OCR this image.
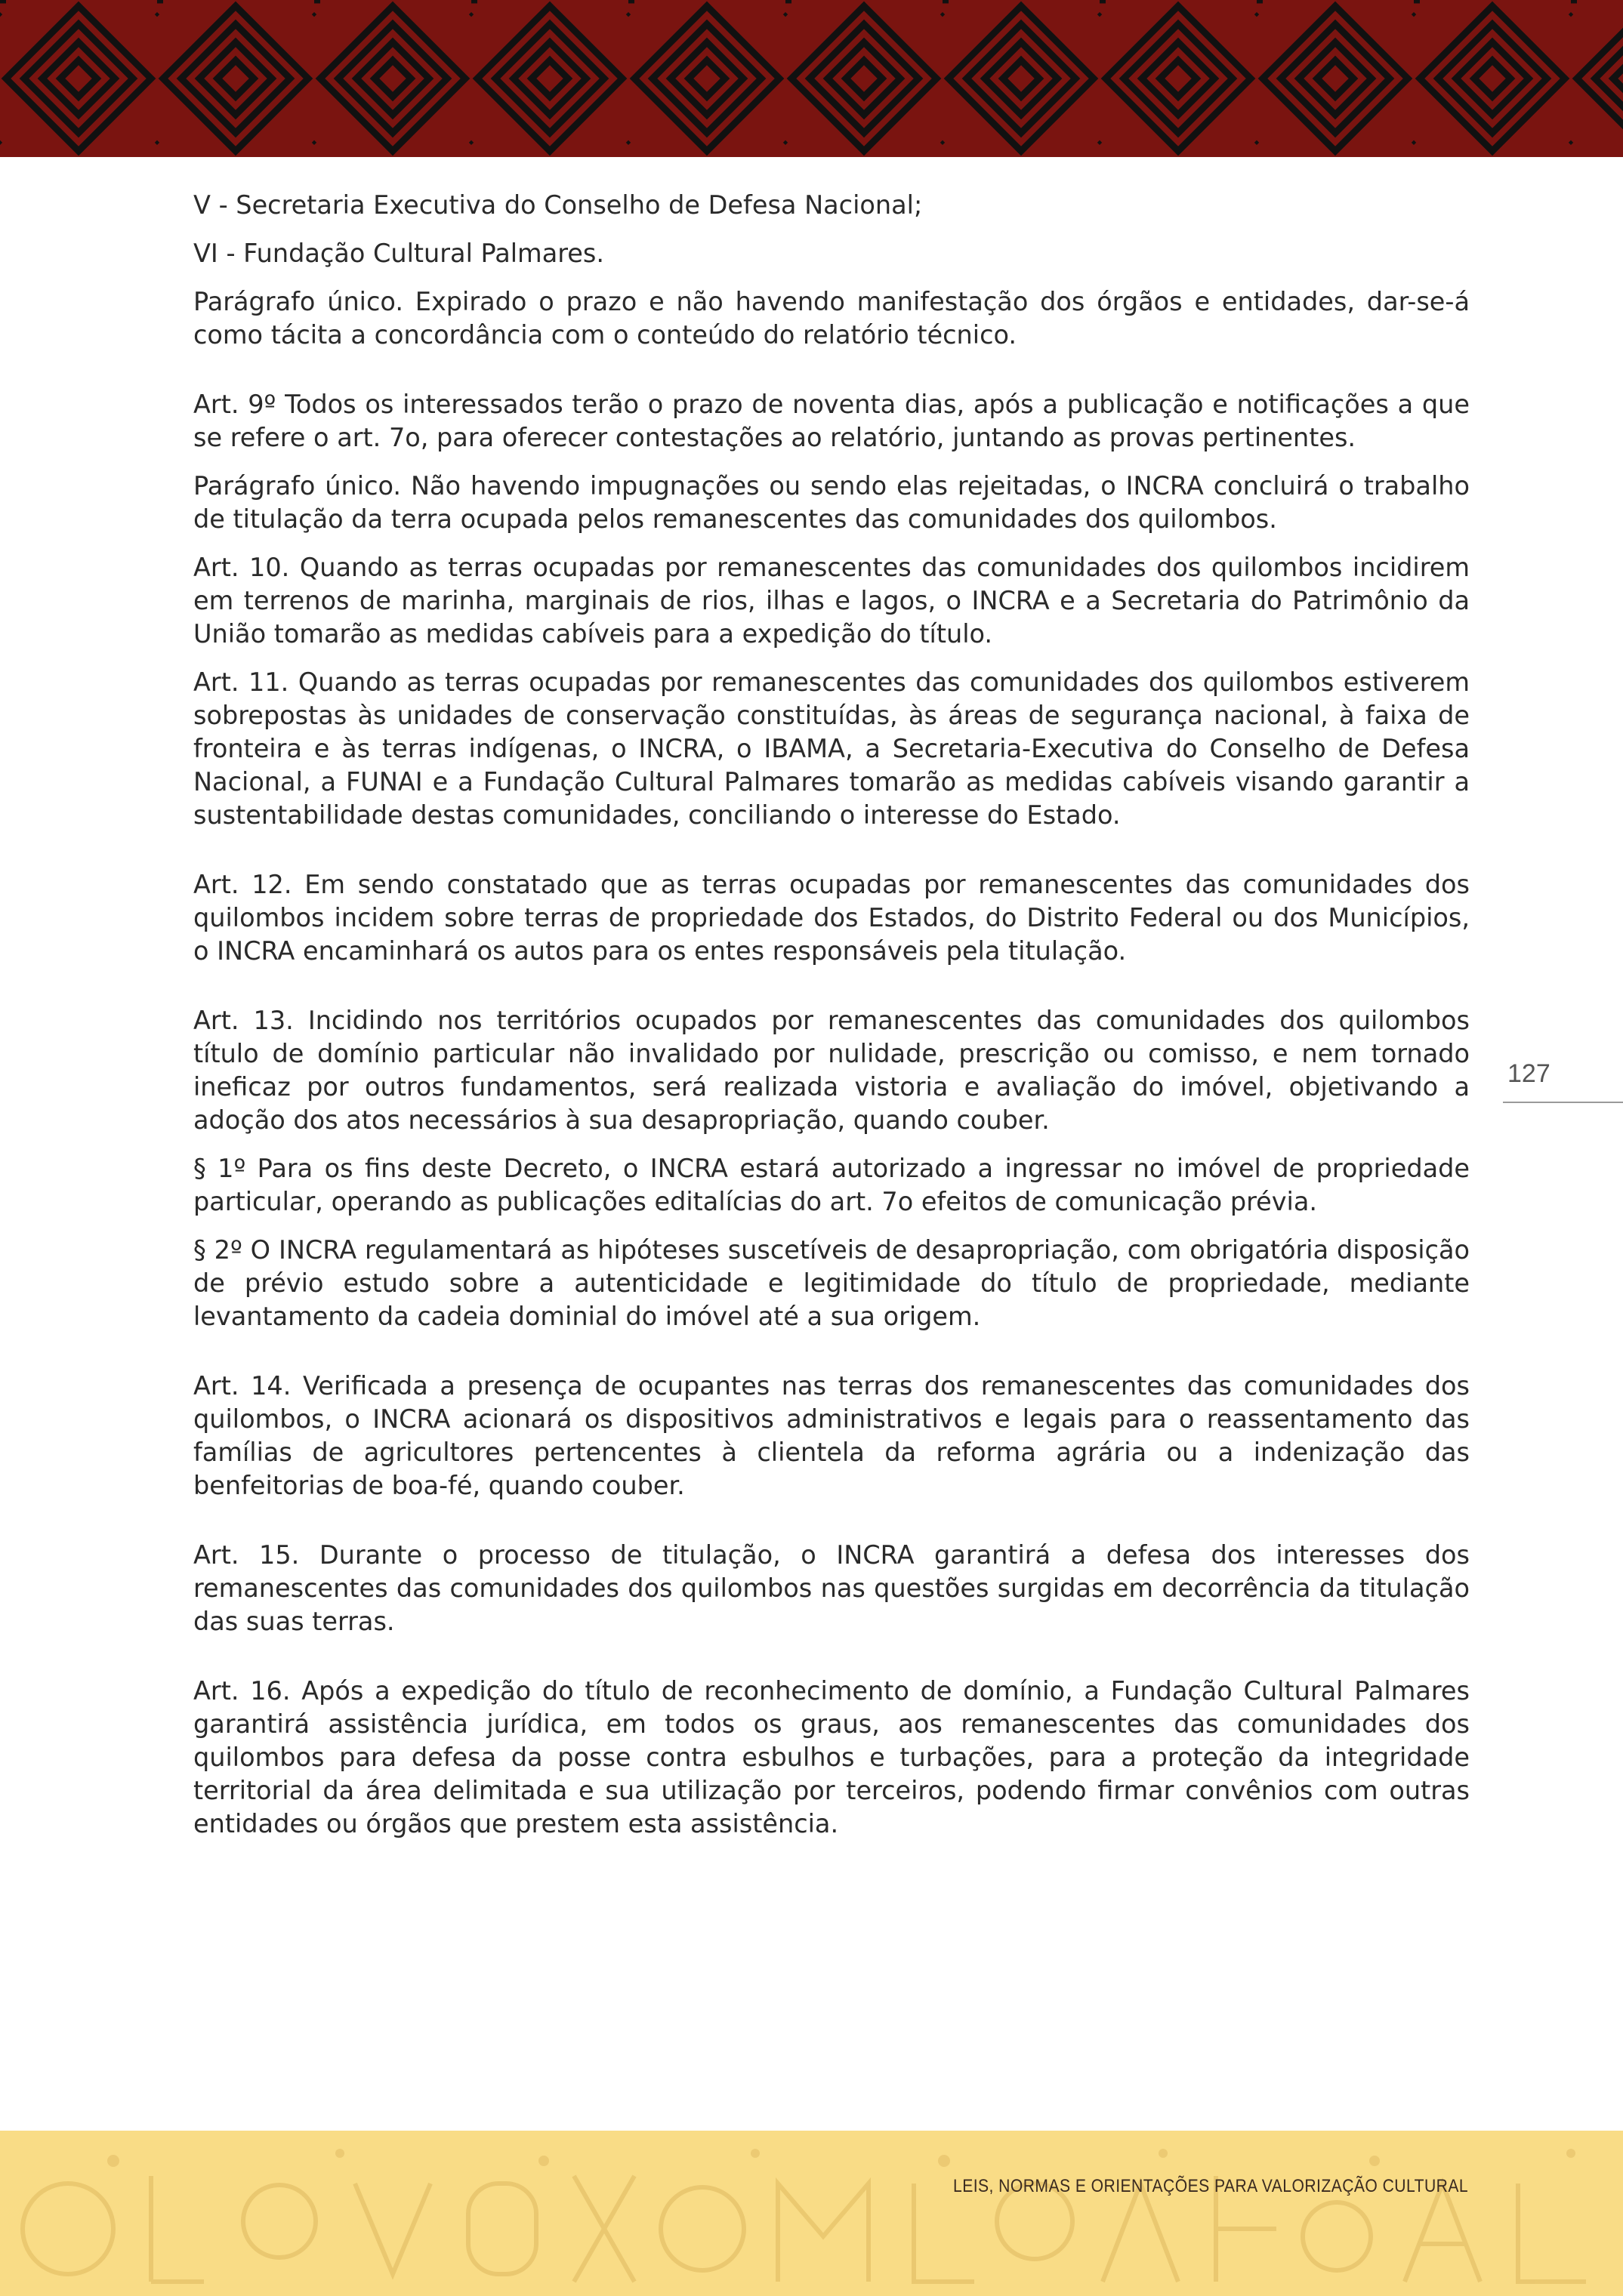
V - Secretaria Executiva do Conselho de Defesa Nacional;

VI - Fundação Cultural Palmares.

Parágrafo único. Expirado o prazo e não havendo manifestação dos órgãos e entidades, dar-se-á como tácita a concordância com o conteúdo do relatório técnico.

Art. 9º Todos os interessados terão o prazo de noventa dias, após a publicação e notificações a que se refere o art. 7o, para oferecer contestações ao relatório, juntando as provas pertinentes.

Parágrafo único. Não havendo impugnações ou sendo elas rejeitadas, o INCRA concluirá o trabalho de titulação da terra ocupada pelos remanescentes das comunidades dos quilombos.

Art. 10. Quando as terras ocupadas por remanescentes das comunidades dos quilombos incidirem em terrenos de marinha, marginais de rios, ilhas e lagos, o INCRA e a Secretaria do Patrimônio da União tomarão as medidas cabíveis para a expedição do título.

Art. 11. Quando as terras ocupadas por remanescentes das comunidades dos quilombos estiverem sobrepostas às unidades de conservação constituídas, às áreas de segurança nacional, à faixa de fronteira e às terras indígenas, o INCRA, o IBAMA, a Secretaria-Executiva do Conselho de Defesa Nacional, a FUNAI e a Fundação Cultural Palmares tomarão as medidas cabíveis visando garantir a sustentabilidade destas comunidades, conciliando o interesse do Estado.

Art. 12. Em sendo constatado que as terras ocupadas por remanescentes das comunidades dos quilombos incidem sobre terras de propriedade dos Estados, do Distrito Federal ou dos Municípios, o INCRA encaminhará os autos para os entes responsáveis pela titulação.

Art. 13. Incidindo nos territórios ocupados por remanescentes das comunidades dos quilombos título de domínio particular não invalidado por nulidade, prescrição ou comisso, e nem tornado ineficaz por outros fundamentos, será realizada vistoria e avaliação do imóvel, objetivando a adoção dos atos necessários à sua desapropriação, quando couber.

§ 1º Para os fins deste Decreto, o INCRA estará autorizado a ingressar no imóvel de propriedade particular, operando as publicações editalícias do art. 7o efeitos de comunicação prévia.

§ 2º O INCRA regulamentará as hipóteses suscetíveis de desapropriação, com obrigatória disposição de prévio estudo sobre a autenticidade e legitimidade do título de propriedade, mediante levantamento da cadeia dominial do imóvel até a sua origem.

Art. 14. Verificada a presença de ocupantes nas terras dos remanescentes das comunidades dos quilombos, o INCRA acionará os dispositivos administrativos e legais para o reassentamento das famílias de agricultores pertencentes à clientela da reforma agrária ou a indenização das benfeitorias de boa-fé, quando couber.

Art. 15. Durante o processo de titulação, o INCRA garantirá a defesa dos interesses dos remanescentes das comunidades dos quilombos nas questões surgidas em decorrência da titulação das suas terras.

Art. 16. Após a expedição do título de reconhecimento de domínio, a Fundação Cultural Palmares garantirá assistência jurídica, em todos os graus, aos remanescentes das comunidades dos quilombos para defesa da posse contra esbulhos e turbações, para a proteção da integridade territorial da área delimitada e sua utilização por terceiros, podendo firmar convênios com outras entidades ou órgãos que prestem esta assistência.

127
LEIS, NORMAS E ORIENTAÇÕES PARA VALORIZAÇÃO CULTURAL
